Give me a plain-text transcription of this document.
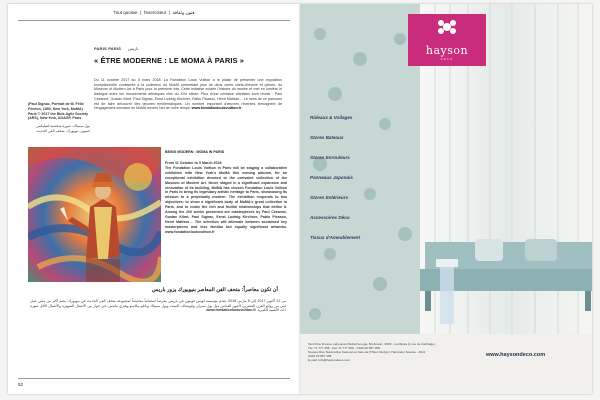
Tout quoisie  |  l'exerciseur  |  فنون وثقافة
PARIS PARIS باريس
« ÊTRE MODERNE : LE MOMA À PARIS »
(Paul Signac, Portrait de M. Félix Fénéon, 1890, New York, MoMA) Paris © 2017 the Bids Agile Society (ARS), New York, ADAGP, Paris
بول سينياك، صورة شخصية لفيليكس فينيون، نيويورك، متحف الفن الحديث
Du 11 octobre 2017 au 5 mars 2018. La Fondation Louis Vuitton a le plaisir de présenter une exposition exceptionnelle consacrée à la collection du MoMA permettant plus de deux cents chefs-d'œuvre et pièces, du Museum of Modern Art à Paris pour la première fois. Cette initiative éclaire l'histoire du musée et met en lumière le dialogue entre les mouvements artistiques clés du XXe siècle. Plus d'une centaine d'artistes sont réunis : Paul Cézanne, Gustav Klimt, Paul Signac, Ernst Ludwig Kirchner, Pablo Picasso, Henri Matisse… Le sens de ce parcours est de faire découvrir des œuvres emblématiques. Un nombre important d'œuvres récentes témoignent de l'engagement constant du MoMA envers l'art de notre temps. www.fondationlouisvuitton.fr
BEING MODERN : MOMA IN PARIS
From 11 October to 5 March 2018
The Fondation Louis Vuitton in Paris will be staging a collaborative exhibition with New York's MoMA this coming autumn, for an exceptional exhibition devoted to the unrivaled collection of the Museum of Modern Art. Never staged in a significant expansion and renovation of its building, MoMA has chosen Fondation Louis Vuitton in Paris to bring its legendary artistic heritage to Paris, showcasing its mission to a perpetually modern. The exhibition responds to two objectives: to show a significant body of MoMA's great collection in Paris, and to evoke the rich and fruitful relationships that define it. Among the 200 works presented are masterpieces by Paul Cézanne, Gustav Klimt, Paul Signac, Ernst Ludwig Kirchner, Pablo Picasso, Henri Matisse… The selection will alternate between acclaimed key masterpieces and less familiar but equally significant artworks. www.fondationlouisvuitton.fr
أن تكون معاصراً: متحف الفن المعاصر بنيويورك يزور باريس
من 11 أكتوبر 2017 إلى 5 مارس 2018. تقدم مؤسسة لويس فويتون في باريس معرضاً استثنائياً مخصصاً لمجموعة متحف الفن الحديث في نيويورك، يضم أكثر من مئتي عمل فني من روائع القرن العشرين لأشهر الفنانين مثل بول سيزان وغوستاف كليمت وبول سينياك وبابلو بيكاسو وهنري ماتيس، في حوار بين الأعمال الشهيرة والأعمال الأقل شهرة ذات الأهمية الكبيرة. www.fondationlouisvuitton.fr
52
hayson
DÉCO
Rideaux & Voilages
Stores Bateaux
Stores Enrouleurs
Panneaux Japonais
Stores Extérieurs
Accessoires Déco
Tissus d'Ameublement
Tanit Rue Rourou Lahounant Sidra Kenoga, Bd Anwal - 2000 - La Marsa (1 rue de Carthage)
Tél. 71 777 455 - Fax 71 777 456 - GSM 26 857 456
Sousse Rue Nourredine Kaouvel en face de l'Hôtel Clozjéni, Hammam Sousse - 4011
GSM 29 857 456
E-mail: info@haysondeco.com
www.haysondeco.com
